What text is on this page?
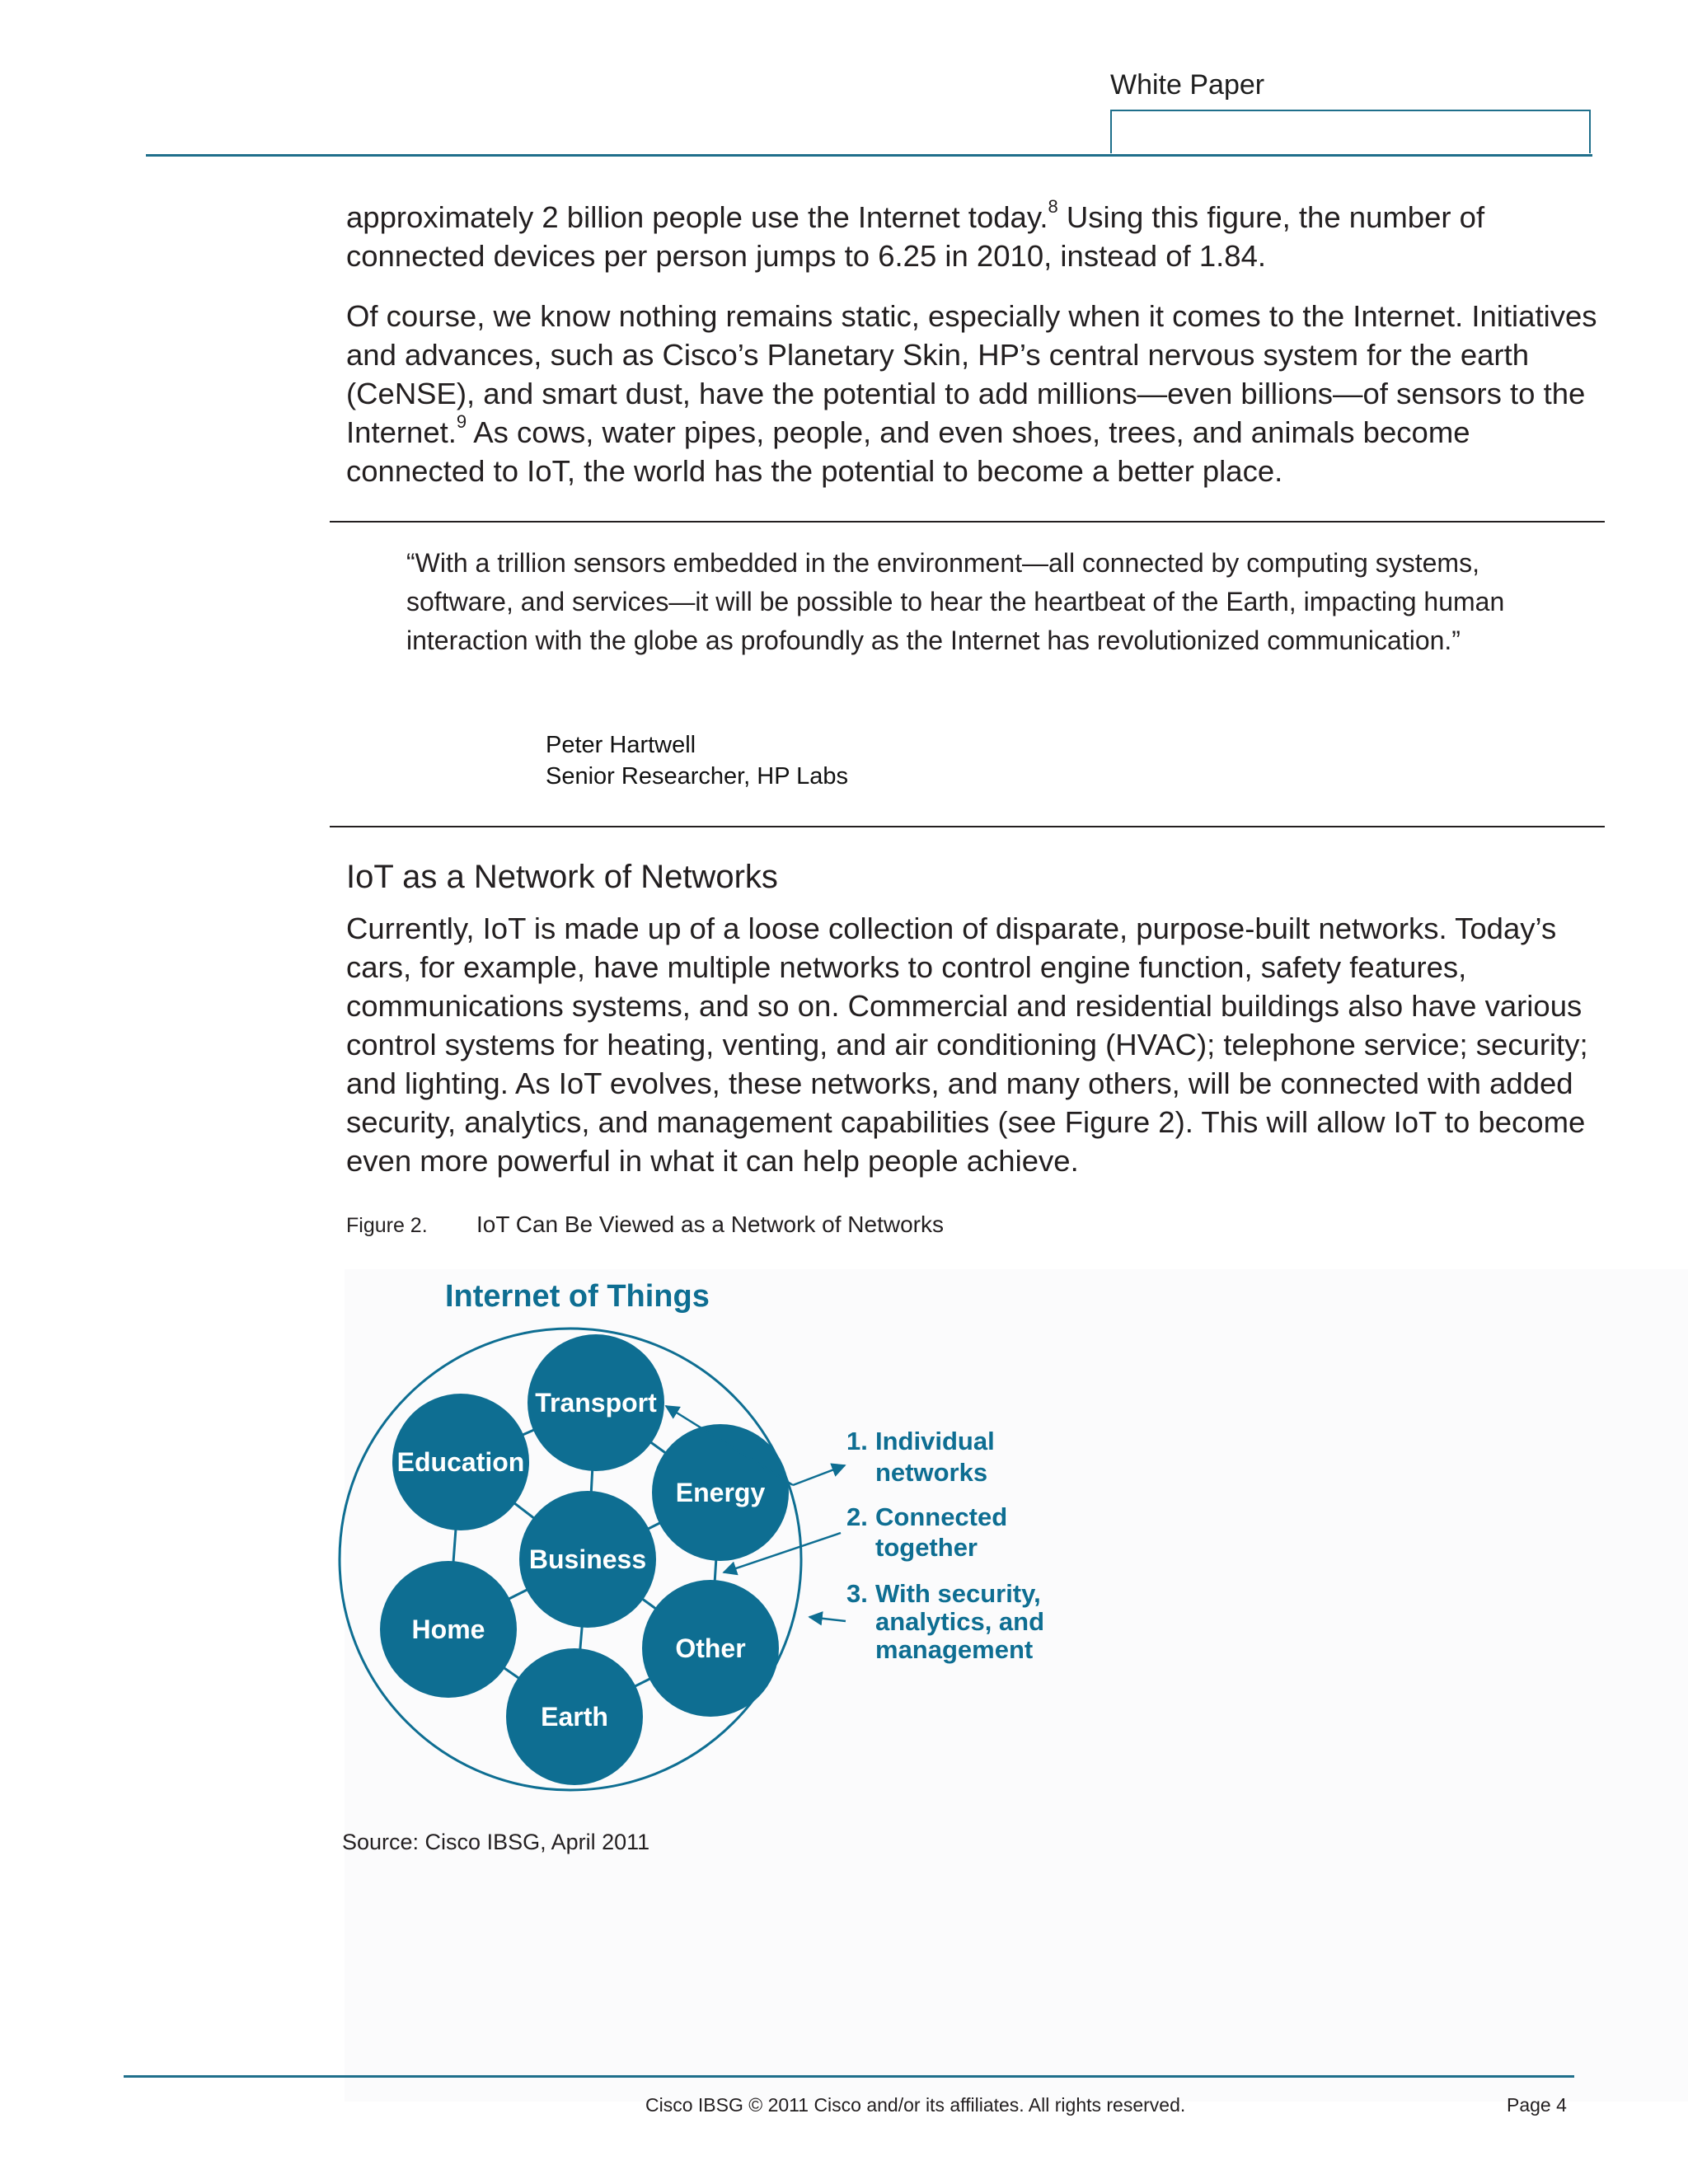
White Paper

approximately 2 billion people use the Internet today.$^8$ Using this figure, the number of connected devices per person jumps to 6.25 in 2010, instead of 1.84.

Of course, we know nothing remains static, especially when it comes to the Internet. Initiatives and advances, such as Cisco’s Planetary Skin, HP’s central nervous system for the earth (CeNSE), and smart dust, have the potential to add millions—even billions—of sensors to the Internet.$^9$ As cows, water pipes, people, and even shoes, trees, and animals become connected to IoT, the world has the potential to become a better place.

“With a trillion sensors embedded in the environment—all connected by computing systems, software, and services—it will be possible to hear the heartbeat of the Earth, impacting human interaction with the globe as profoundly as the Internet has revolutionized communication.”
Peter Hartwell
Senior Researcher, HP Labs
IoT as a Network of Networks

Currently, IoT is made up of a loose collection of disparate, purpose-built networks. Today’s cars, for example, have multiple networks to control engine function, safety features, communications systems, and so on. Commercial and residential buildings also have various control systems for heating, venting, and air conditioning (HVAC); telephone service; security; and lighting. As IoT evolves, these networks, and many others, will be connected with added security, analytics, and management capabilities (see Figure 2). This will allow IoT to become even more powerful in what it can help people achieve.

Figure 2. IoT Can Be Viewed as a Network of Networks
Internet of Things
Transport
Education
Energy
Business
Home
Other
Earth
1. Individual
networks
2. Connected
together
3. With security,
analytics, and
management
Source: Cisco IBSG, April 2011
Cisco IBSG © 2011 Cisco and/or its affiliates. All rights reserved.	Page 4
